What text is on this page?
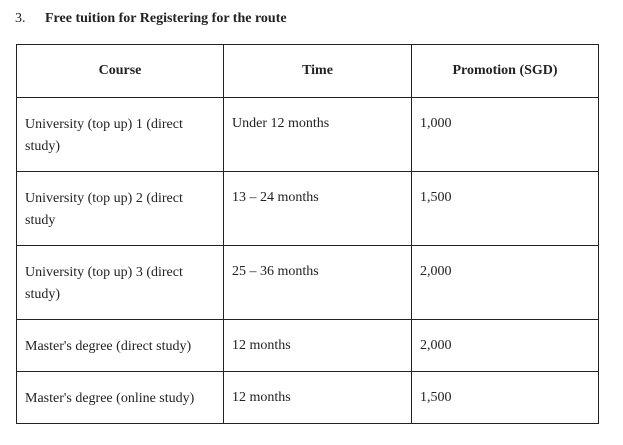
3. Free tuition for Registering for the route
Course	Time	Promotion (SGD)

University (top up) 1 (direct study)	Under 12 months	1,000

University (top up) 2 (direct study	13 – 24 months	1,500

University (top up) 3 (direct study)	25 – 36 months	2,000

Master's degree (direct study)	12 months	2,000

Master's degree (online study)	12 months	1,500
